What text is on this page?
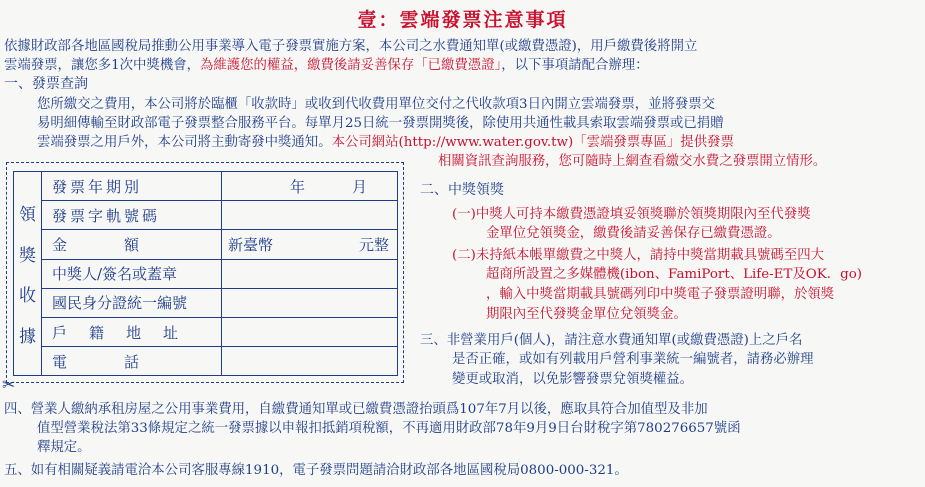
壹：雲端發票注意事項
依據財政部各地區國稅局推動公用事業導入電子發票實施方案，本公司之水費通知單(或繳費憑證)，用戶繳費後將開立
雲端發票，讓您多1次中獎機會，為維護您的權益，繳費後請妥善保存「已繳費憑證」，以下事項請配合辦理：
一、發票查詢
您所繳交之費用，本公司將於臨櫃「收款時」或收到代收費用單位交付之代收款項3日內開立雲端發票，並將發票交
易明細傳輸至財政部電子發票整合服務平台。每單月25日統一發票開獎後，除使用共通性載具索取雲端發票或已捐贈
雲端發票之用戶外，本公司將主動寄發中獎通知。本公司網站(http://www.water.gov.tw)「雲端發票專區」提供發票
相關資訊查詢服務，您可隨時上網查看繳交水費之發票開立情形。
領
獎
收
據
發票年期別	年	月
發票字軌號碼
金　　　額	新臺幣	元整
中獎人/簽名或蓋章
國民身分證統一編號
戶籍地址
電　　　話
✂
二、中獎領獎
(一)中獎人可持本繳費憑證填妥領獎聯於領獎期限內至代發獎
金單位兌領獎金，繳費後請妥善保存已繳費憑證。
(二)未持紙本帳單繳費之中獎人，請持中獎當期載具號碼至四大
超商所設置之多媒體機(ibon、FamiPort、Life-ET及OK．go)
，輸入中獎當期載具號碼列印中獎電子發票證明聯，於領獎
期限內至代發獎金單位兌領獎金。
三、非營業用戶(個人)，請注意水費通知單(或繳費憑證)上之戶名
是否正確，或如有列載用戶營利事業統一編號者，請務必辦理
變更或取消，以免影響發票兌領獎權益。
四、營業人繳納承租房屋之公用事業費用，自繳費通知單或已繳費憑證抬頭爲107年7月以後，應取具符合加值型及非加
值型營業稅法第33條規定之統一發票據以申報扣抵銷項稅額，不再適用財政部78年9月9日台財稅字第780276657號函
釋規定。
五、如有相關疑義請電洽本公司客服專線1910，電子發票問題請洽財政部各地區國稅局0800-000-321。
